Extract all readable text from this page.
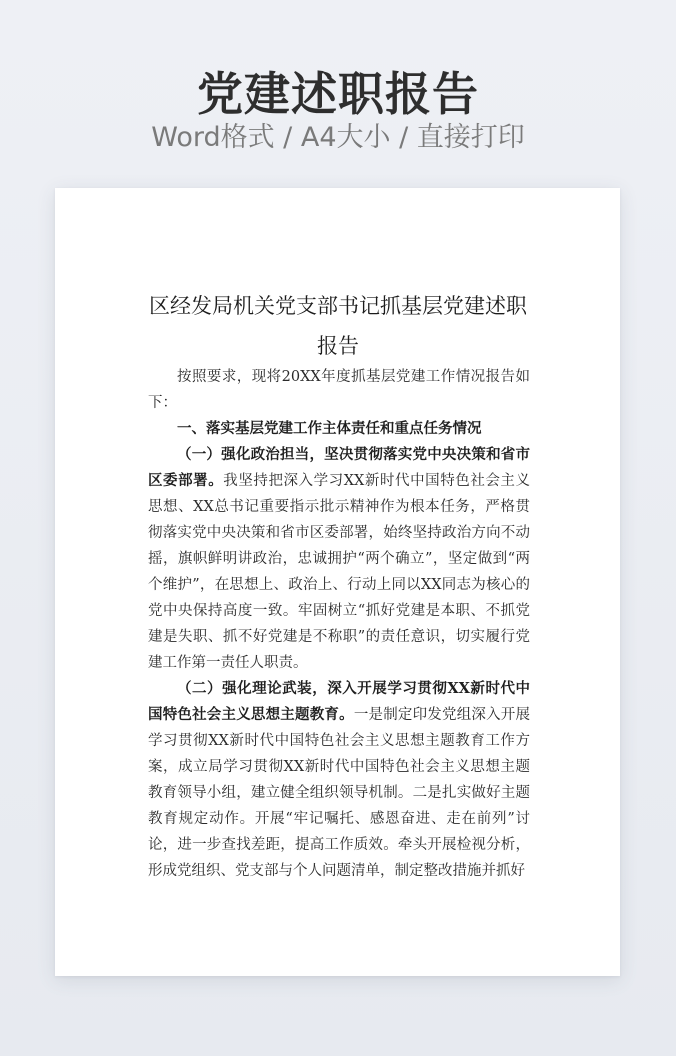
党建述职报告
Word格式 / A4大小 / 直接打印
区经发局机关党支部书记抓基层党建述职报告
按照要求，现将20XX年度抓基层党建工作情况报告如下：
一、落实基层党建工作主体责任和重点任务情况
（一）强化政治担当，坚决贯彻落实党中央决策和省市区委部署。我坚持把深入学习XX新时代中国特色社会主义思想、XX总书记重要指示批示精神作为根本任务，严格贯彻落实党中央决策和省市区委部署，始终坚持政治方向不动摇，旗帜鲜明讲政治，忠诚拥护“两个确立”，坚定做到“两个维护”，在思想上、政治上、行动上同以XX同志为核心的党中央保持高度一致。牢固树立“抓好党建是本职、不抓党建是失职、抓不好党建是不称职”的责任意识，切实履行党建工作第一责任人职责。
（二）强化理论武装，深入开展学习贯彻XX新时代中国特色社会主义思想主题教育。一是制定印发党组深入开展学习贯彻XX新时代中国特色社会主义思想主题教育工作方案，成立局学习贯彻XX新时代中国特色社会主义思想主题教育领导小组，建立健全组织领导机制。二是扎实做好主题教育规定动作。开展“牢记嘱托、感恩奋进、走在前列”讨论，进一步查找差距，提高工作质效。牵头开展检视分析，形成党组织、党支部与个人问题清单，制定整改措施并抓好
